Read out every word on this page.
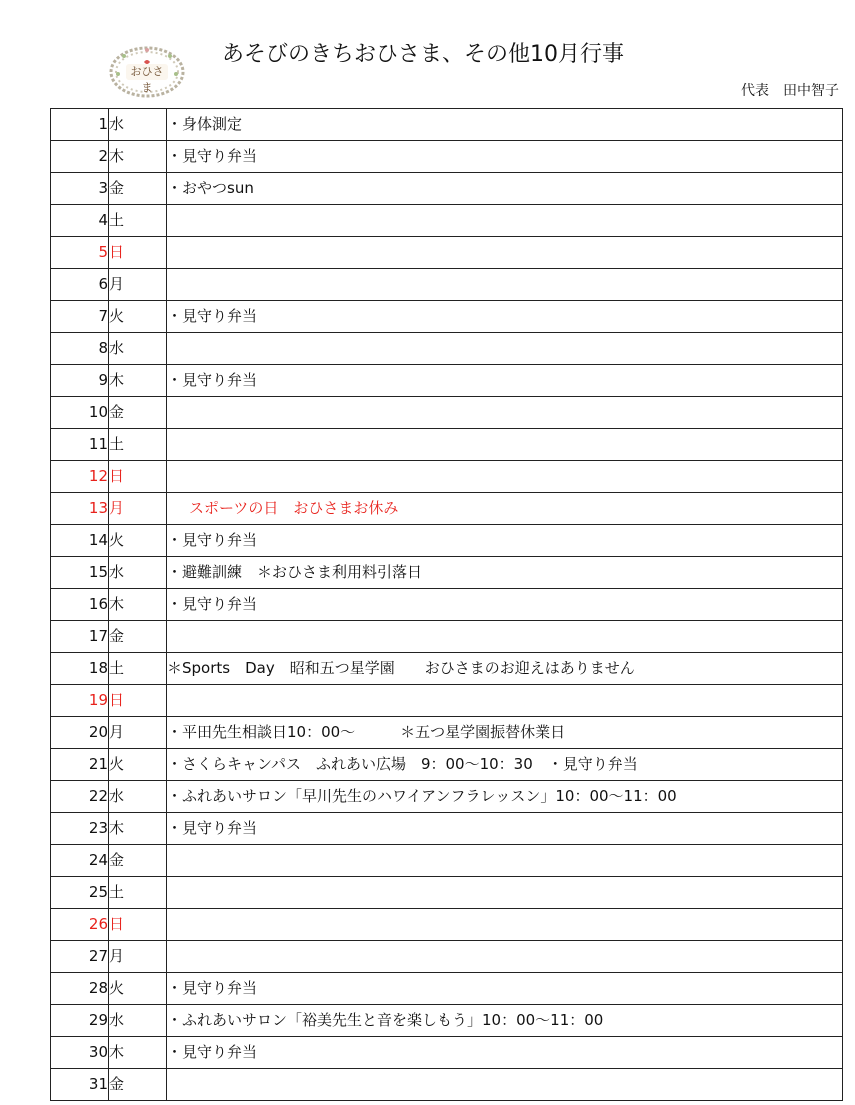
おひさま
あそびのきちおひさま、その他10月行事
代表 田中智子
1	水	・身体測定
2	木	・見守り弁当
3	金	・おやつsun
4	土	
5	日	
6	月	
7	火	・見守り弁当
8	水	
9	木	・見守り弁当
10	金	
11	土	
12	日	
13	月	スポーツの日　おひさまお休み
14	火	・見守り弁当
15	水	・避難訓練　＊おひさま利用料引落日
16	木	・見守り弁当
17	金	
18	土	＊Sports　Day　昭和五つ星学園　　おひさまのお迎えはありません
19	日	
20	月	・平田先生相談日10：00～　　　＊五つ星学園振替休業日
21	火	・さくらキャンパス　ふれあい広場　9：00～10：30　・見守り弁当
22	水	・ふれあいサロン「早川先生のハワイアンフラレッスン」10：00～11：00
23	木	・見守り弁当
24	金	
25	土	
26	日	
27	月	
28	火	・見守り弁当
29	水	・ふれあいサロン「裕美先生と音を楽しもう」10：00～11：00
30	木	・見守り弁当
31	金	
